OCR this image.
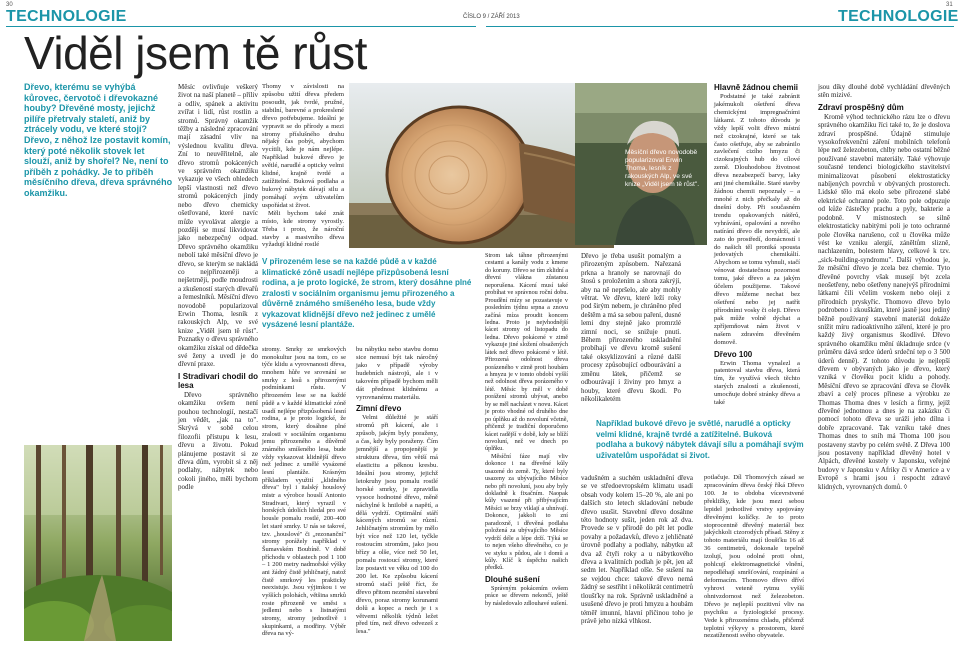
30	31
TECHNOLOGIE	ČÍSLO 9 / ZÁŘÍ 2013	TECHNOLOGIE
Viděl jsem tě růst
Dřevo, kterému se vyhýbá kůrovec, červotoč i dřevokazné houby? Dřevěné mosty, jejichž pilíře přetrvaly staletí, aniž by ztrácely vodu, ve které stojí? Dřevo, z něhož lze postavit komín, který poté několik stovek let slouží, aniž by shořel? Ne, není to příběh z pohádky. Je to příběh měsíčního dřeva, dřeva správného okamžiku.

Měsíc ovlivňuje veškerý život na naší planetě – příliv a odliv, spánek a aktivitu zvířat i lidí, růst rostlin a stromů. Správný okamžik těžby a následné zpracování mají zásadní vliv na výslednou kvalitu dřeva. Zní to neuvěřitelně, ale dřevo stromů pokácených ve správném okamžiku vykazuje ve všech ohledech lepší vlastnosti než dřevo stromů pokácených jindy nebo dřevo chemicky ošetřované, které navíc může vyvolávat alergie a později se musí likvidovat jako nebezpečný odpad. Dřevo správného okamžiku nebolí také měsíční dřevo je dřevo, se kterým se nakládá co nejpřirozeněji a nejšetrněji, podle moudrosti a zkušeností starých dřevařů a řemeslníků. Měsíční dřevo novodobě popularizoval Erwin Thoma, lesník z rakouských Alp, ve své knize „Viděl jsem tě růst". Poznatky o dřevu správného okamžiku získal od dědečka své ženy a uvedl je do dřevní praxe.

I Stradivari chodil do lesa

Dřevo správného okamžiku ovšem není pouhou technologií, nestačí jen vědět, „jak na to". Skrývá v sobě celou filozofii přístupu k lesu, dřevu a životu. Pokud plánujeme postavit si ze dřeva dům, vyrobit si z něj podlahy, nábytek nebo cokoli jiného, měli bychom podle

Thomy v závislosti na způsobu užití dřeva předem posoudit, jak tvrdé, pružné, stabilní, barevné a prokreslené dřevo potřebujeme. Ideální je vypravit se do přírody a mezi stromy příslušného druhu nějaký čas pobýt, abychom vycítili, kde je nám nejlépe. Například bukové dřevo je světlé, narudlé a opticky velmi klidné, krajně tvrdé a zatížitelné. Buková podlaha a bukový nábytek dávají silu a pomáhají svým uživatelům uspořádat si život.

Měli bychom také znát místo, kde stromy vyrostly. Třeba i proto, že nároční stavby a masivního dřeva vyžadují klidné rostlé

V přirozeném lese se na každé půdě a v každé klimatické zóně usadí nejlépe přizpůsobená lesní rodina, a je proto logické, že strom, který dosáhne plné zralosti v sociálním organismu jemu přirozeného a důvěrně známého smíšeného lesa, bude vždy vykazovat klidnější dřevo než jedinec z umělé vysázené lesní plantáže.

stromy. Smrky ze smrkových monokultur jsou na tom, co se týče klidu a vyrovnanosti dřeva, mnohem hůře ve srovnání se smrky z lesů s přirozenými podmínkami růstu. V přirozeném lese se na každé půdě a v každé klimatické zóně usadí nejlépe přizpůsobená lesní rodina, a je proto logické, že strom, který dosáhne plné zralosti v sociálním organismu jemu přirozeného a důvěrně známého smíšeného lesa, bude vždy vykazovat klidnější dřevo než jedinec z umělé vysázené lesní plantáže. Krásným příkladem využití „klidného dřeva" byl i italský houslový mistr a výrobce houslí Antonio Stradivari, který vyrazil v horských údolích hledal pro své housle pomalu rostlé, 200–400 let staré smrky. U nás se takové, tzv. „houslové" či „rezonanční" stromy porážely například v Šumavském Boubíně. V době příchodu v oblastech pod 1 100 – 1 200 metry nadmořské výšky ani žádný čistě jehličnatý, natož čistě smrkový les prakticky neexistuje. Jsou výjimkou i ve vyšších polohách, většina smrků roste přirozeně ve směsi s jedlemi nebo s listnatými stromy, stromy jednotlivě i skupinkami, a modřiny. Výběr dřeva na vý-

bu nábytku nebo stavbu domu sice nemusí být tak náročný jako v případě výroby hudebních nástrojů, ale i v takovém případě bychom měli dát přednost klidnému a vyrovnanému materiálu.

Zimní dřevo

Velmi důležité je stáří stromů při kácení, ale i způsob, jakým byly poraženy, a čas, kdy byly poraženy. Čím jemnější a propojenější je struktura dřeva, tím větší má elasticitu a pěknou kresbu. Ideální jsou stromy, jejichž letokruhy jsou pomalu rostlé horské smrky, je zpravidla vysoce hodnotné dřevo, měně náchylné k hnilobě a napětí, a dělá vydrží. Optimální stáří kácených stromů se různí. Jehličnatým stromům by mělo být více než 120 let, tyčkle rostoucím stromům, jako jsou břízy a olše, více než 50 let, pomalu rostoucí stromy, které lze postavit ve věku od 100 do 200 let. Ke způsobu kácení stromů stačí ještě říct, že dřevo přitom nezmění stavební dřevo, poraz stromy korunami dolů a kopec a nech je i s větvemi několik týdnů ležet před tím, než dřevo odvezeš z lesa."

Strom tak táhne přirozenými cestami a kanály vodu z kmene do koruny. Dřevo se tím zklidní a dřevní vláknа zůstanou neporušena. Kácení musí také probíhat ve správnou roční dobu. Proudění mízy se pozastavuje v posledním týdnu srpna a znovu začíná míza proudit koncem ledna. Proto je nejvhodnější kácet stromy od listopadu do ledna. Dřevo pokácené v zimě vykazuje jiné složení obsažených látek než dřevo pokácené v létě. Přirozená odolnost dřeva porázeného v zimě proti houbám a hmyzu je v tomto období vyšší než odolnost dřeva porázeného v létě. Měsíc by měl v době porážení stromů ubývat, anebo by se měl nacházet v novu. Kácet je proto vhodné od druhého dne po úplňku až do novoluní včetně, přičemž je tradiční doporučeno kácet radější v době, kdy se blíží novoluní, než ve dnech po úplňku.

Měsíční fáze mají vliv dokonce i na dřevěné kůly usazené do země. Ty, které byly usazeny za ubývajícího Měsíce nebo při novoluní, jsou aby byly dokladně k fixačním. Naopak kůly vsazené při přibývajícím Měsíci se brzy viklají a uhnívají. Dokonce, jakkoli to zní paradoxně, i dřevěná podlaha položená za ubývajícího Měsíce vydrží déle a lépe drží. Týká se to nejen všeho dřevěného, co je ve styku s půdou, ale i domů a kůly. Klíč k úspěchu našich předků.

Dlouhé sušení

Správným pokácením ovšem práce se dřevem nekončí, ještě by následovalo zdlouhavé sušení.

Měsíční dřevo novodobě popularizoval Erwin Thoma, lesník z rakouských Alp, ve své knize „Viděl jsem tě růst".

Dřevo je třeba usušit pomalým a přirozeným způsobem. Nařezaná prkna a hranoly se narovnají do štosů s proložením a shora zakrýjí, aby na ně nepršelo, ale aby mohly větrat. Ve dřevu, které leží roky pod širým nebem, je chráněno před deštěm a má sa sebou paření, dusné lemi dny stejně jako promrzlé zimní noci, se snižuje pnutí. Během přirozeného uskladnění probíhají ve dřevu kromě sušení také oksyklizování a různé další procesy způsobující odbourávání a změnu látek, přičemž se odbourávají i živiny pro hmyz a houby, které dřevu škodí. Po několikaletém

Například bukové dřevo je světlé, narudlé a opticky velmi klidné, krajně tvrdé a zatížitelné. Buková podlaha a bukový nábytek dávají sílu a pomáhají svým uživatelům uspořádat si život.

vadušném a suchém uskladnění dřeva se ve středoevropském klimatu usadí obsah vody kolem 15–20 %, ale ani po dalších sto letech skladování nebude dřevo usušit. Stavební dřevo dosáhne této hodnoty sušit, jeden rok až dva. Provede se v přírodě do pět let podle povahy a požadavků, dřevo z jehličnaté úrovně podlahy a podlahy, nábytku až dva až čtyři roky a u nábytkového dřeva a kvalitních podlah je pět, jen až sedm let. Například olše. Se sušení na se vejdou chce: takové dřevo nemá žádný se sestřiht i několikrát centimetrů tloušťky na rok. Správně uskladněné a usušené dřevo je proti hmyzu a houbám téměř imunní, hlavní přičinou toho je právě jeho nízká vlhkost.

Hlavně žádnou chemii

Podstatné je také zabránit jakémukoli ošetření dřeva chemickými impregnačními látkami. Z tohoto důvodu je vždy lepší volit dřevo místní než cizokrajné, které se tak často ošetřuje, aby se zabránilo zavlečení cizího hmyzu či cizokrajných hub do cílové země. Dlouhodobou životnost dřeva nezabezpečí barvy, laky ani jiné chemikálie. Staré stavby žádnou chemii nepoznaly – a mnohé z nich přečkaly až do dnešní doby. Při současném trendu opakovaných nátěrů, vyhrávání, opalování a nového natírání dřevo dle nevydrží, ale zato do prostředí, domácností i do našich těl proniká spousta jedovatých chemikálií. Abychom se tomu vyhnuli, stačí vénovat dostatečnou pozornost tomu, jaké dřevo a za jakým účelem použijeme. Takové dřevo můžeme nechat bez ošetření nebo jej natřít přírodními vosky či oleji. Dřevo pak může volně dýchat a zpříjemňovat nám život v našem zdravém dřevěném domově.

Dřevo 100

Erwin Thoma vynalezl a patentoval stavbu dřeva, která tím, že využívá všech těchto starých znalostí a zkušeností, umocňuje dobré stránky dřeva a také

potlačuje. Díl Thomových zásad se zpracováním dřeva český říká Dřevo 100. Je to obdoba vícevrstvené překližky, kde jsou mezi sebou lepidel jednotlivé vrstvy spojovány dřevěnými kolíčky. Je to proto stoprocentně dřevěný materiál bez jakýchkoli cizorodých přísad. Stěny z tohoto materiálu mají tloušťku 16 až 36 centimetrů, dokonale tepelně izolují, jsou odolné proti ohni, pohlcují elektromagnetické vlnění, nepodléhají smršťování, rozpínání a deformacím. Thomovo dřevo dříví vyhrovi veteně rytmu vyšší ohnivzdornost než železobeton. Dřevo je nejlepší pozitivní vliv na psychiku a fyziologické procesy. Vede k přirozenému chladu, přičemž teplotní výkyvy s prostorem, které nezatíženosti svého obyvatele.

jsou díky dlouhé době vychládání dřevěných stěn mizivé.

Zdraví prospěšný dům

Kromě výhod technického rázu lze o dřevu správného okamžiku říci také to, že je doslova zdraví prospěšné. Údajně stimuluje vysokofrekvenční záření mobilních telefonů lépe než železobeton, chlby nebo ostatní běžné používané stavební materiály. Také výhovuje současné tendenci biologického stavitelství minimalizovat působení elektrostaticky nabíjených povrchů v obývaných prostorech. Lidské tělo má ekolo sebe přirozené slabé elektrické ochranné pole. Toto pole odpuzuje od kůže částečky prachu a pyly, bakterie a podobně. V místnostech se silně elektrostaticky nabitými poli je toto ochranné pole člověka narušeno, což u člověka může vést ke vzniku alergií, záněltům slizně, nachlazením, bolestem hlavy, celkové k tzv. „sick-building-syndromu". Další výhodou je, že měsíční dřevo je zcela bez chemie. Tyto dřevěné povrchy však musejí být zcela neošetřeny, nebo ošetřeny nanejvýš přírodními látkami čili včelím voskem nebo oleji z přírodních pryskyřic. Thomovo dřevo bylo podrobeno i zkouškám, které jasně jsou jediný běžně používaný stavební materiál dokáže snížit míru radioaktivního záření, které je pro každý živý organismus škodlivé. Dřevo správného okamžiku mění úkladnuje srdce (v průměru dává srdce úderů srdeční tep o 3 500 úderů denně). Z tohoto důvodu je nejlepší dřevem v obývaných jako je dřevo, který vzniká v člověku pocit klidu a pohody. Měsíční dřevo se zpracování dřeva se člověk zbaví a celý proces přinese a výrobku ze Thomas Thoma dnes v lesích a firmy, jejíž dřevěné jednotnou a dnes je na zakázku či pomocí tohoto dřeva se uráží jeho dílna i dobře zpracované. Tak vzniku také dnes Thomas dnes to sníh má Thoma 100 jsou postaveny stavby po celém světě. Z Dřeva 100 jsou postaveny například dřevěný hotel v Alpách, dřevěné kostely v Japonsku, veřejné budovy v Japonsku v Afriky či v Americe a v Evropě s hrami jsou i respocht zdravé klidných, vyrovnaných domů. ◊
